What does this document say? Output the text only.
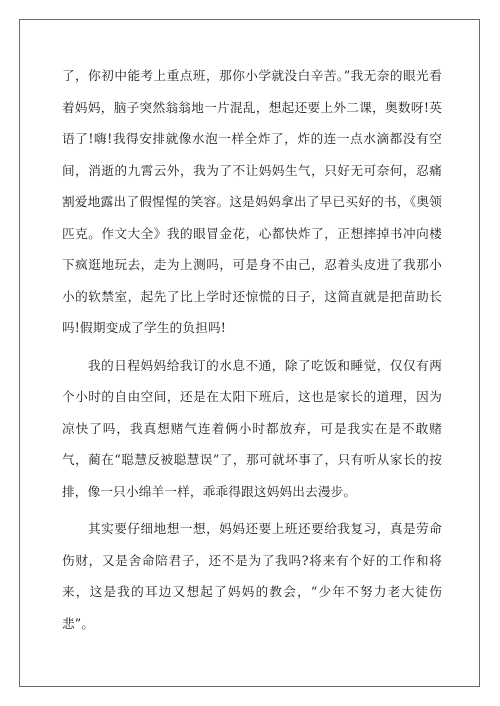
了，你初中能考上重点班，那你小学就没白辛苦。”我无奈的眼光看着妈妈，脑子突然翁翁地一片混乱，想起还要上外二课，奥数呀!英语了!嗨!我得安排就像水泡一样全炸了，炸的连一点水滴都没有空间，消逝的九霄云外，我为了不让妈妈生气，只好无可奈何，忍痛割爱地露出了假惺惺的笑容。这是妈妈拿出了早已买好的书，《奥领匹克。作文大全》我的眼冒金花，心都快炸了，正想摔掉书冲向楼下疯逛地玩去，走为上测吗，可是身不由己，忍着头皮进了我那小小的软禁室，起先了比上学时还惊慌的日子，这简直就是把苗助长吗!假期变成了学生的负担吗!

我的日程妈妈给我订的水息不通，除了吃饭和睡觉，仅仅有两个小时的自由空间，还是在太阳下班后，这也是家长的道理，因为凉快了吗，我真想赌气连着俩小时都放弃，可是我实在是不敢赌气，蔺在“聪慧反被聪慧误”了，那可就坏事了，只有听从家长的按排，像一只小绵羊一样，乖乖得跟这妈妈出去漫步。

其实要仔细地想一想，妈妈还要上班还要给我复习，真是劳命伤财，又是舍命陪君子，还不是为了我吗?将来有个好的工作和将来，这是我的耳边又想起了妈妈的教会，“少年不努力老大徒伤悲”。
